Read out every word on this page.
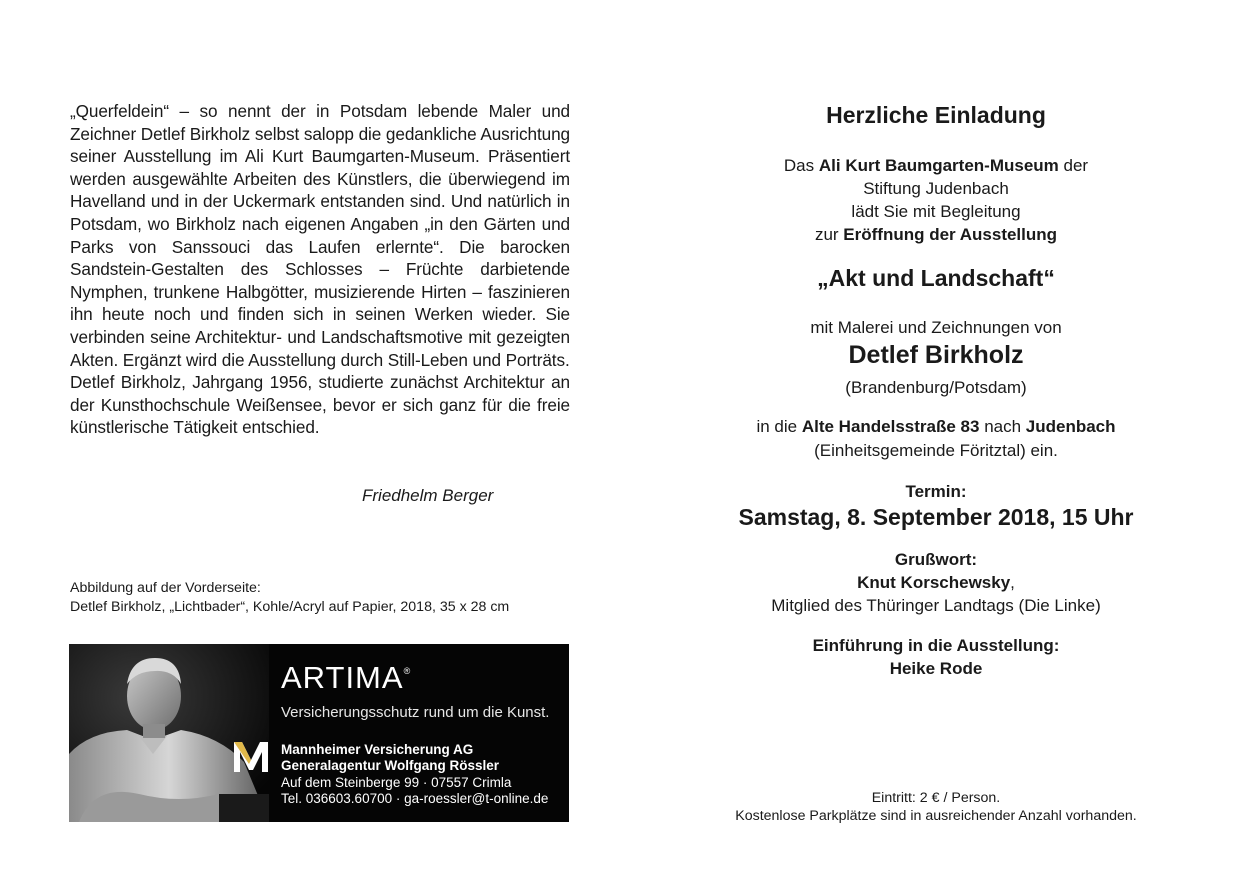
„Querfeldein“ – so nennt der in Potsdam lebende Maler und Zeichner Detlef Birkholz selbst salopp die gedankliche Ausrichtung seiner Ausstellung im Ali Kurt Baumgarten-Museum. Präsentiert werden ausgewählte Arbeiten des Künstlers, die überwiegend im Havelland und in der Uckermark entstanden sind. Und natürlich in Potsdam, wo Birkholz nach eigenen Angaben „in den Gärten und Parks von Sanssouci das Laufen erlernte“. Die barocken Sandstein-Gestalten des Schlosses – Früchte darbietende Nymphen, trunkene Halbgötter, musizierende Hirten – faszinieren ihn heute noch und finden sich in seinen Werken wieder. Sie verbinden seine Architektur- und Landschaftsmotive mit gezeigten Akten. Ergänzt wird die Ausstellung durch Still-Leben und Porträts.

Detlef Birkholz, Jahrgang 1956, studierte zunächst Architektur an der Kunsthochschule Weißensee, bevor er sich ganz für die freie künstlerische Tätigkeit entschied.

Friedhelm Berger
Abbildung auf der Vorderseite:
Detlef Birkholz, „Lichtbader“, Kohle/Acryl auf Papier, 2018, 35 x 28 cm
ARTIMA®
Versicherungsschutz rund um die Kunst.
Mannheimer Versicherung AG
Generalagentur Wolfgang Rössler
Auf dem Steinberge 99 · 07557 Crimla
Tel. 036603.60700 · ga-roessler@t-online.de
Herzliche Einladung
Das Ali Kurt Baumgarten-Museum der
Stiftung Judenbach
lädt Sie mit Begleitung
zur Eröffnung der Ausstellung
„Akt und Landschaft“
mit Malerei und Zeichnungen von
Detlef Birkholz
(Brandenburg/Potsdam)
in die Alte Handelsstraße 83 nach Judenbach
(Einheitsgemeinde Föritztal) ein.
Termin:
Samstag, 8. September 2018, 15 Uhr
Grußwort:
Knut Korschewsky,
Mitglied des Thüringer Landtags (Die Linke)
Einführung in die Ausstellung:
Heike Rode
Eintritt: 2 € / Person.
Kostenlose Parkplätze sind in ausreichender Anzahl vorhanden.
